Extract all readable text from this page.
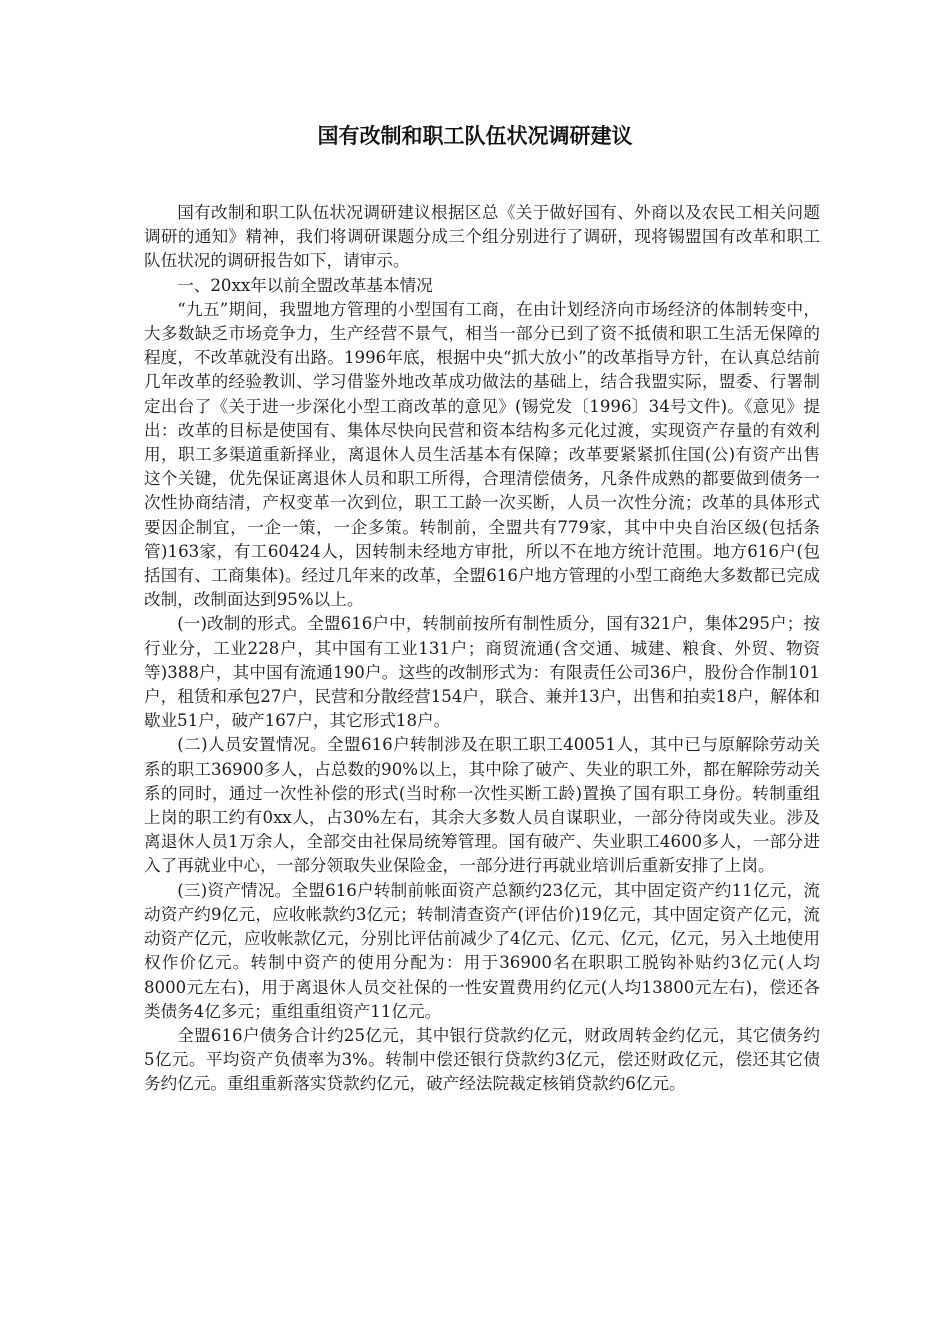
国有改制和职工队伍状况调研建议

国有改制和职工队伍状况调研建议根据区总《关于做好国有、外商以及农民工相关问题调研的通知》精神，我们将调研课题分成三个组分别进行了调研，现将锡盟国有改革和职工队伍状况的调研报告如下，请审示。

一、20xx年以前全盟改革基本情况

“九五”期间，我盟地方管理的小型国有工商，在由计划经济向市场经济的体制转变中，大多数缺乏市场竞争力，生产经营不景气，相当一部分已到了资不抵债和职工生活无保障的程度，不改革就没有出路。1996年底，根据中央“抓大放小”的改革指导方针，在认真总结前几年改革的经验教训、学习借鉴外地改革成功做法的基础上，结合我盟实际，盟委、行署制定出台了《关于进一步深化小型工商改革的意见》(锡党发〔1996〕34号文件)。《意见》提出：改革的目标是使国有、集体尽快向民营和资本结构多元化过渡，实现资产存量的有效利用，职工多渠道重新择业，离退休人员生活基本有保障；改革要紧紧抓住国(公)有资产出售这个关键，优先保证离退休人员和职工所得，合理清偿债务，凡条件成熟的都要做到债务一次性协商结清，产权变革一次到位，职工工龄一次买断，人员一次性分流；改革的具体形式要因企制宜，一企一策，一企多策。转制前，全盟共有779家，其中中央自治区级(包括条管)163家，有工60424人，因转制未经地方审批，所以不在地方统计范围。地方616户(包括国有、工商集体)。经过几年来的改革，全盟616户地方管理的小型工商绝大多数都已完成改制，改制面达到95%以上。

(一)改制的形式。全盟616户中，转制前按所有制性质分，国有321户，集体295户；按行业分，工业228户，其中国有工业131户；商贸流通(含交通、城建、粮食、外贸、物资等)388户，其中国有流通190户。这些的改制形式为：有限责任公司36户，股份合作制101户，租赁和承包27户，民营和分散经营154户，联合、兼并13户，出售和拍卖18户，解体和歇业51户，破产167户，其它形式18户。

(二)人员安置情况。全盟616户转制涉及在职工职工40051人，其中已与原解除劳动关系的职工36900多人，占总数的90%以上，其中除了破产、失业的职工外，都在解除劳动关系的同时，通过一次性补偿的形式(当时称一次性买断工龄)置换了国有职工身份。转制重组上岗的职工约有0xx人，占30%左右，其余大多数人员自谋职业，一部分待岗或失业。涉及离退休人员1万余人，全部交由社保局统筹管理。国有破产、失业职工4600多人，一部分进入了再就业中心，一部分领取失业保险金，一部分进行再就业培训后重新安排了上岗。

(三)资产情况。全盟616户转制前帐面资产总额约23亿元，其中固定资产约11亿元，流动资产约9亿元，应收帐款约3亿元；转制清查资产(评估价)19亿元，其中固定资产亿元，流动资产亿元，应收帐款亿元，分别比评估前减少了4亿元、亿元、亿元，亿元，另入土地使用权作价亿元。转制中资产的使用分配为：用于36900名在职职工脱钩补贴约3亿元(人均8000元左右)，用于离退休人员交社保的一性安置费用约亿元(人均13800元左右)，偿还各类债务4亿多元；重组重组资产11亿元。

全盟616户债务合计约25亿元，其中银行贷款约亿元，财政周转金约亿元，其它债务约5亿元。平均资产负债率为3%。转制中偿还银行贷款约3亿元，偿还财政亿元，偿还其它债务约亿元。重组重新落实贷款约亿元，破产经法院裁定核销贷款约6亿元。
